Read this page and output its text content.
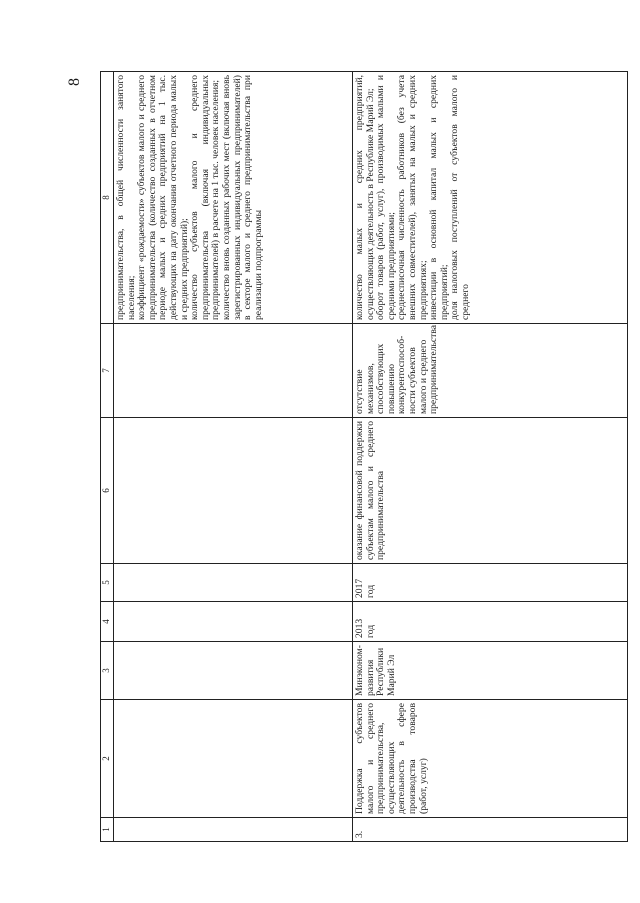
8
1	2	3	4	5	6	7	8

							предпринимательства, в общей численности занятого населения; коэффициент «рождаемости» субъектов малого и среднего предпринимательства (количество созданных в отчетном периоде малых и средних предприятий на 1 тыс. действующих на дату окончания отчетного периода малых и средних предприятий); количество субъектов малого и среднего предпринимательства (включая индивидуальных предпринимателей) в расчете на 1 тыс. человек населения; количество вновь созданных рабочих мест (включая вновь зарегистрированных индивидуальных предпринимателей) в секторе малого и среднего предпринимательства при реализации подпрограммы

3.	Поддержка субъектов малого и среднего предпринимательства, осуществляющих деятельность в сфере производства товаров (работ, услуг)	Минэконом-развития Республики Марий Эл	2013 год	2017 год	оказание финансовой поддержки субъектам малого и среднего предпринимательства	отсутствие механизмов, способствующих повышению конкурентоспособ-ности субъектов малого и среднего предпринимательства	количество малых и средних предприятий, осуществляющих деятельность в Республике Марий Эл; оборот товаров (работ, услуг), производимых малыми и средними предприятиями; среднесписочная численность работников (без учета внешних совместителей), занятых на малых и средних предприятиях; инвестиции в основной капитал малых и средних предприятий; доля налоговых поступлений от субъектов малого и среднего
